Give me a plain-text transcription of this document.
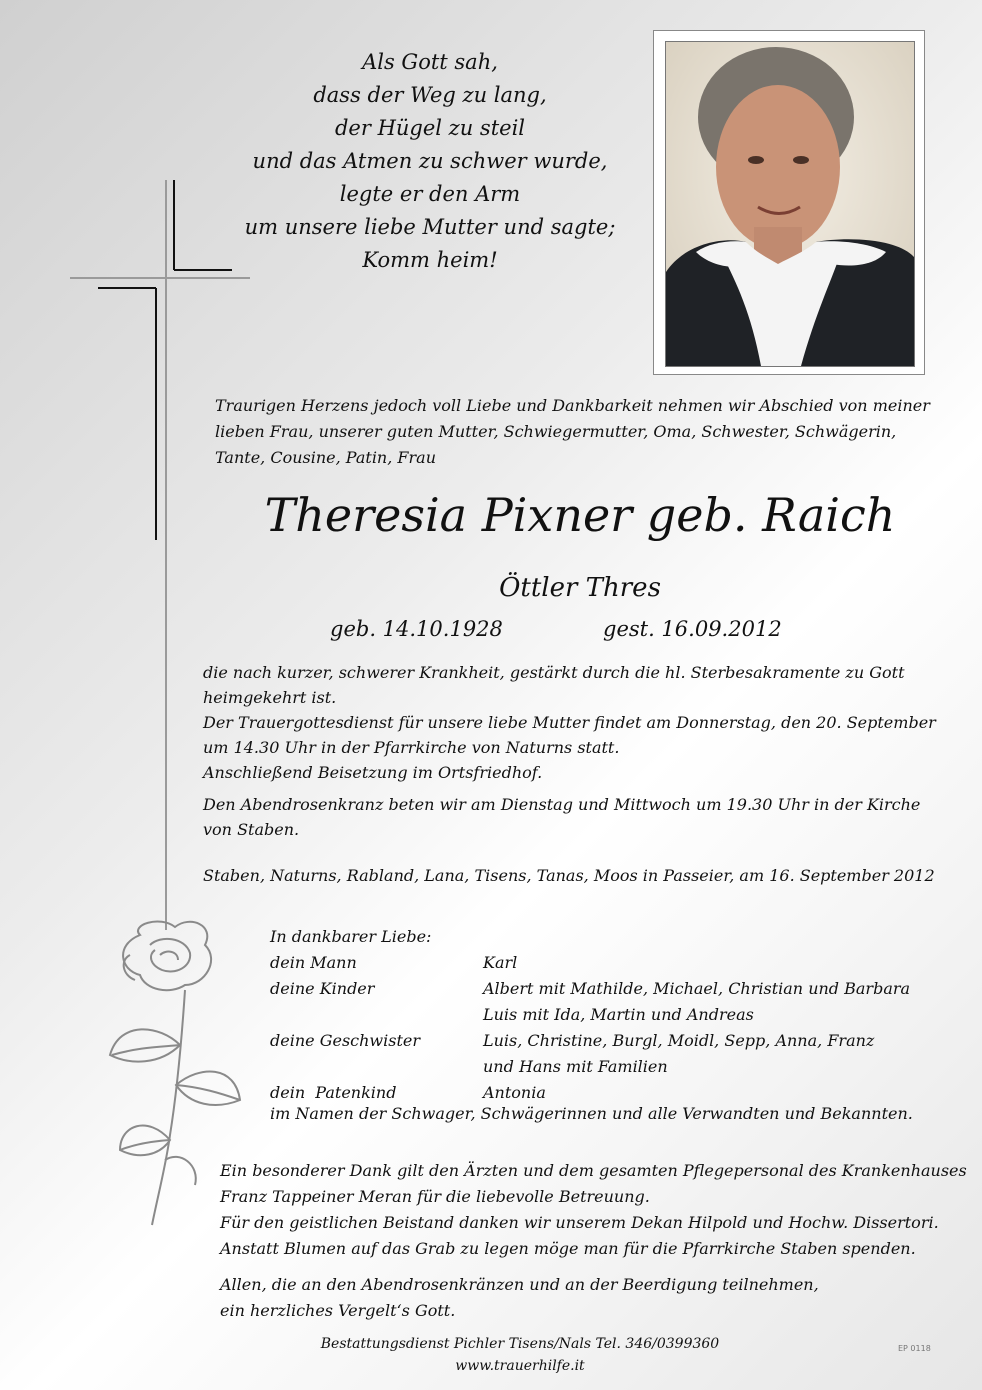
Als Gott sah,
dass der Weg zu lang,
der Hügel zu steil
und das Atmen zu schwer wurde,
legte er den Arm
um unsere liebe Mutter und sagte;
Komm heim!
Traurigen Herzens jedoch voll Liebe und Dankbarkeit nehmen wir Abschied von meiner
lieben Frau, unserer guten Mutter, Schwiegermutter, Oma, Schwester, Schwägerin,
Tante, Cousine, Patin, Frau
Theresia Pixner geb. Raich
Öttler Thres
geb. 14.10.1928	gest. 16.09.2012
die nach kurzer, schwerer Krankheit, gestärkt durch die hl. Sterbesakramente zu Gott
heimgekehrt ist.
Der Trauergottesdienst für unsere liebe Mutter findet am Donnerstag, den 20. September
um 14.30 Uhr in der Pfarrkirche von Naturns statt.
Anschließend Beisetzung im Ortsfriedhof.
Den Abendrosenkranz beten wir am Dienstag und Mittwoch um 19.30 Uhr in der Kirche
von Staben.
Staben, Naturns, Rabland, Lana, Tisens, Tanas, Moos in Passeier, am 16. September 2012
In dankbarer Liebe:
dein Mann	Karl
deine Kinder	Albert mit Mathilde, Michael, Christian und Barbara
Luis mit Ida, Martin und Andreas
deine Geschwister	Luis, Christine, Burgl, Moidl, Sepp, Anna, Franz
und Hans mit Familien
dein  Patenkind	Antonia
im Namen der Schwager, Schwägerinnen und alle Verwandten und Bekannten.
Ein besonderer Dank gilt den Ärzten und dem gesamten Pflegepersonal des Krankenhauses
Franz Tappeiner Meran für die liebevolle Betreuung.
Für den geistlichen Beistand danken wir unserem Dekan Hilpold und Hochw. Dissertori.
Anstatt Blumen auf das Grab zu legen möge man für die Pfarrkirche Staben spenden.
Allen, die an den Abendrosenkränzen und an der Beerdigung teilnehmen,
ein herzliches Vergelt‘s Gott.
Bestattungsdienst Pichler Tisens/Nals Tel. 346/0399360
www.trauerhilfe.it
EP 0118
